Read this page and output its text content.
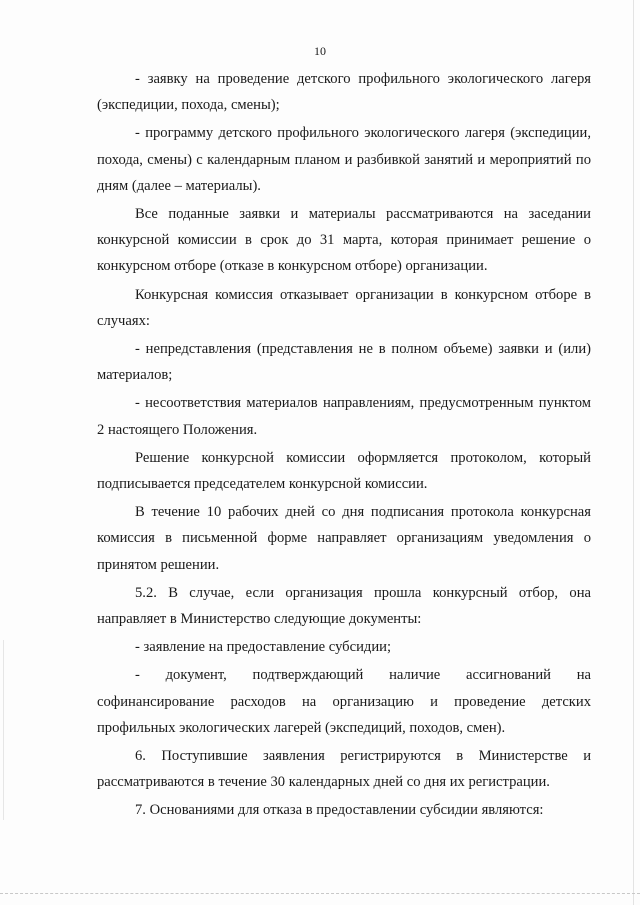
10

- заявку на проведение детского профильного экологического лагеря (экспедиции, похода, смены);

- программу детского профильного экологического лагеря (экспедиции, похода, смены) с календарным планом и разбивкой занятий и мероприятий по дням (далее – материалы).

Все поданные заявки и материалы рассматриваются на заседании конкурсной комиссии в срок до 31 марта, которая принимает решение о конкурсном отборе (отказе в конкурсном отборе) организации.

Конкурсная комиссия отказывает организации в конкурсном отборе в случаях:

- непредставления (представления не в полном объеме) заявки и (или) материалов;

- несоответствия материалов направлениям, предусмотренным пунктом 2 настоящего Положения.

Решение конкурсной комиссии оформляется протоколом, который подписывается председателем конкурсной комиссии.

В течение 10 рабочих дней со дня подписания протокола конкурсная комиссия в письменной форме направляет организациям уведомления о принятом решении.

5.2. В случае, если организация прошла конкурсный отбор, она направляет в Министерство следующие документы:

- заявление на предоставление субсидии;

- документ, подтверждающий наличие ассигнований на софинансирование расходов на организацию и проведение детских профильных экологических лагерей (экспедиций, походов, смен).

6. Поступившие заявления регистрируются в Министерстве и рассматриваются в течение 30 календарных дней со дня их регистрации.

7. Основаниями для отказа в предоставлении субсидии являются:
